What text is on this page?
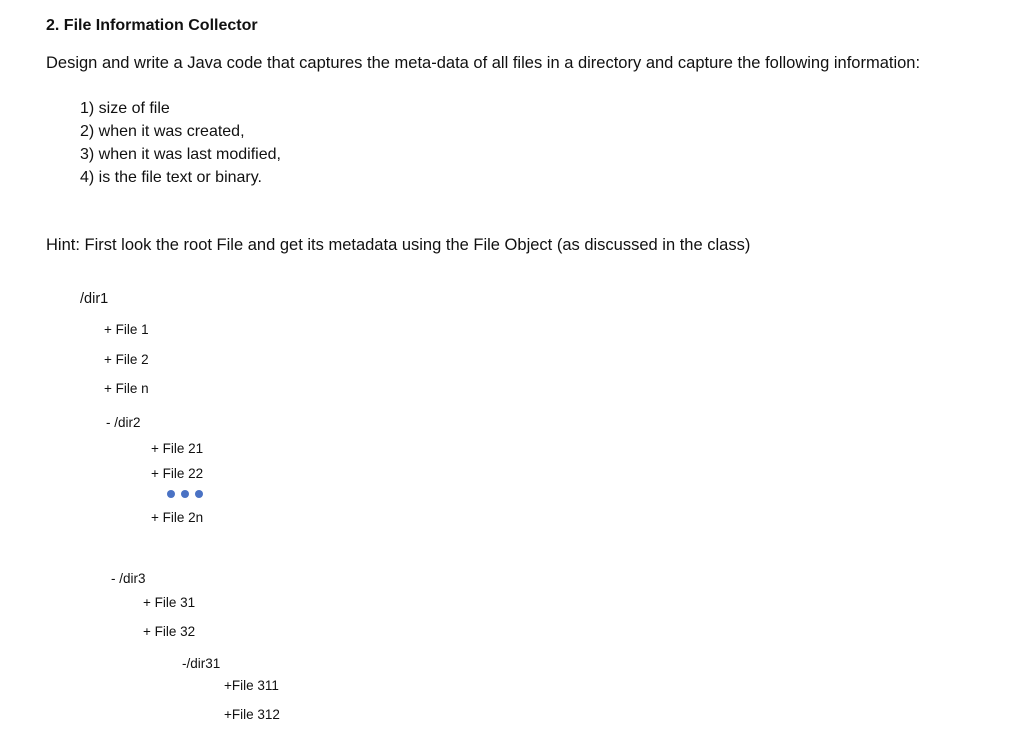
2. File Information Collector
Design and write a Java code that captures the meta-data of all files in a directory and capture the following information:
1) size of file
2) when it was created,
3) when it was last modified,
4) is the file text or binary.
Hint: First look the root File and get its metadata using the File Object (as discussed in the class)
/dir1
+ File 1
+ File 2
+ File n
- /dir2
+ File 21
+ File 22
+ File 2n
- /dir3
+ File 31
+ File 32
-/dir31
+File 311
+File 312
